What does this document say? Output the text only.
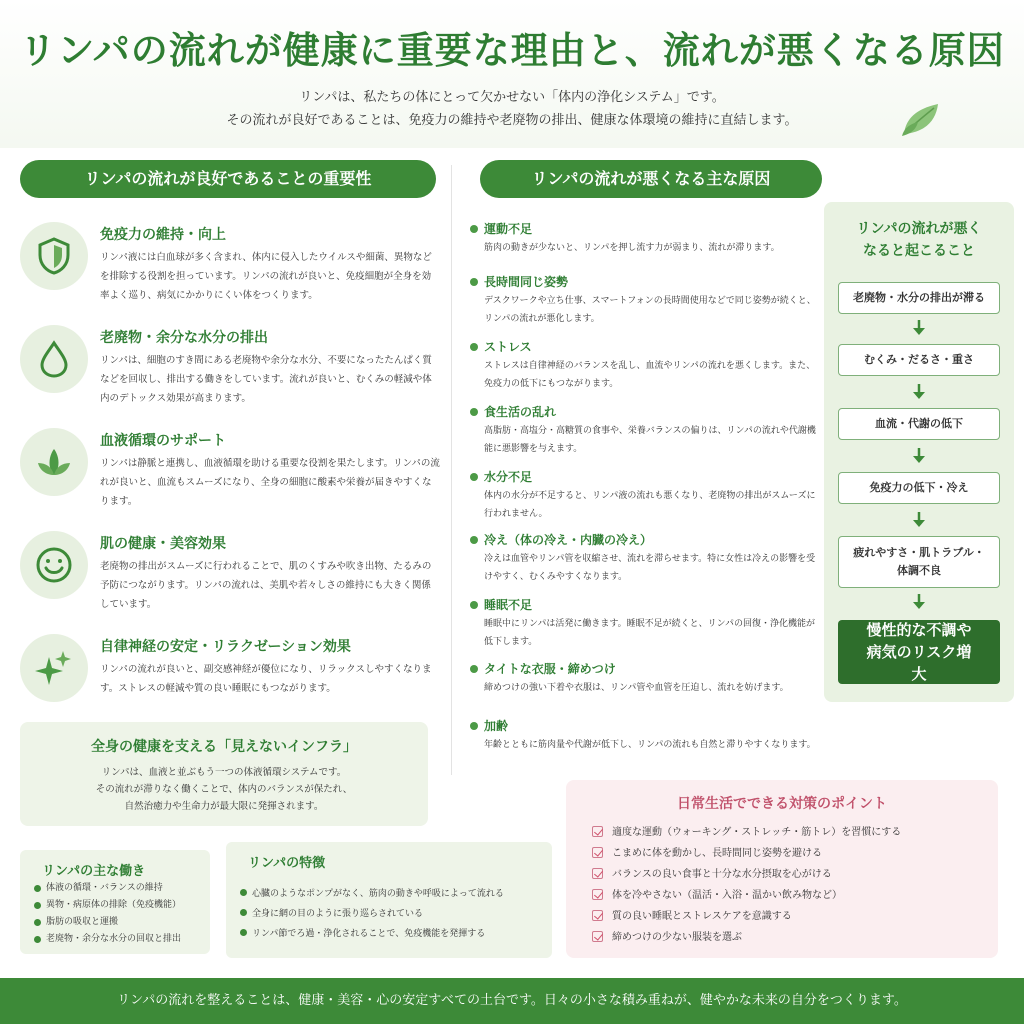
リンパの流れが健康に重要な理由と、流れが悪くなる原因
リンパは、私たちの体にとって欠かせない「体内の浄化システム」です。
その流れが良好であることは、免疫力の維持や老廃物の排出、健康な体環境の維持に直結します。
リンパの流れが良好であることの重要性
免疫力の維持・向上
リンパ液には白血球が多く含まれ、体内に侵入したウイルスや細菌、異物などを排除する役割を担っています。リンパの流れが良いと、免疫細胞が全身を効率よく巡り、病気にかかりにくい体をつくります。
老廃物・余分な水分の排出
リンパは、細胞のすき間にある老廃物や余分な水分、不要になったたんぱく質などを回収し、排出する働きをしています。流れが良いと、むくみの軽減や体内のデトックス効果が高まります。
血液循環のサポート
リンパは静脈と連携し、血液循環を助ける重要な役割を果たします。リンパの流れが良いと、血流もスムーズになり、全身の細胞に酸素や栄養が届きやすくなります。
肌の健康・美容効果
老廃物の排出がスムーズに行われることで、肌のくすみや吹き出物、たるみの予防につながります。リンパの流れは、美肌や若々しさの維持にも大きく関係しています。
自律神経の安定・リラクゼーション効果
リンパの流れが良いと、副交感神経が優位になり、リラックスしやすくなります。ストレスの軽減や質の良い睡眠にもつながります。
リンパの流れが悪くなる主な原因
運動不足
筋肉の動きが少ないと、リンパを押し流す力が弱まり、流れが滞ります。
長時間同じ姿勢
デスクワークや立ち仕事、スマートフォンの長時間使用などで同じ姿勢が続くと、リンパの流れが悪化します。
ストレス
ストレスは自律神経のバランスを乱し、血流やリンパの流れを悪くします。また、免疫力の低下にもつながります。
食生活の乱れ
高脂肪・高塩分・高糖質の食事や、栄養バランスの偏りは、リンパの流れや代謝機能に悪影響を与えます。
水分不足
体内の水分が不足すると、リンパ液の流れも悪くなり、老廃物の排出がスムーズに行われません。
冷え（体の冷え・内臓の冷え）
冷えは血管やリンパ管を収縮させ、流れを滞らせます。特に女性は冷えの影響を受けやすく、むくみやすくなります。
睡眠不足
睡眠中にリンパは活発に働きます。睡眠不足が続くと、リンパの回復・浄化機能が低下します。
タイトな衣服・締めつけ
締めつけの強い下着や衣服は、リンパ管や血管を圧迫し、流れを妨げます。
加齢
年齢とともに筋肉量や代謝が低下し、リンパの流れも自然と滞りやすくなります。
リンパの流れが悪くなると起こること
老廃物・水分の排出が滞る
むくみ・だるさ・重さ
血流・代謝の低下
免疫力の低下・冷え
疲れやすさ・肌トラブル・体調不良
慢性的な不調や病気のリスク増大
全身の健康を支える「見えないインフラ」
リンパは、血液と並ぶもう一つの体液循環システムです。
その流れが滞りなく働くことで、体内のバランスが保たれ、
自然治癒力や生命力が最大限に発揮されます。
リンパの主な働き
体液の循環・バランスの維持
異物・病原体の排除（免疫機能）
脂肪の吸収と運搬
老廃物・余分な水分の回収と排出
リンパの特徴
心臓のようなポンプがなく、筋肉の動きや呼吸によって流れる
全身に網の目のように張り巡らされている
リンパ節でろ過・浄化されることで、免疫機能を発揮する
日常生活でできる対策のポイント
適度な運動（ウォーキング・ストレッチ・筋トレ）を習慣にする
こまめに体を動かし、長時間同じ姿勢を避ける
バランスの良い食事と十分な水分摂取を心がける
体を冷やさない（温活・入浴・温かい飲み物など）
質の良い睡眠とストレスケアを意識する
締めつけの少ない服装を選ぶ
リンパの流れを整えることは、健康・美容・心の安定すべての土台です。日々の小さな積み重ねが、健やかな未来の自分をつくります。
